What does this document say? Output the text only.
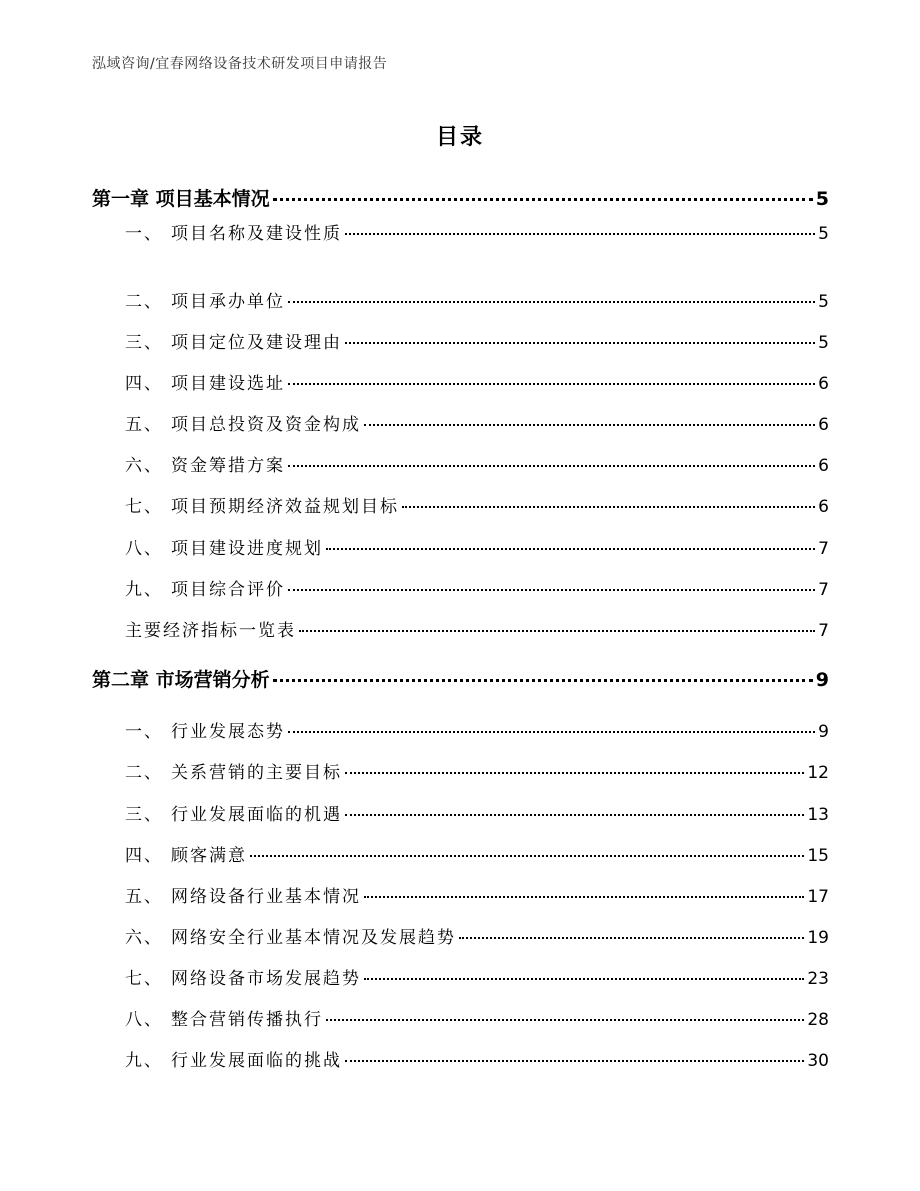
泓域咨询/宜春网络设备技术研发项目申请报告
目录
第一章 项目基本情况	5
一、 项目名称及建设性质	5
二、 项目承办单位	5
三、 项目定位及建设理由	5
四、 项目建设选址	6
五、 项目总投资及资金构成	6
六、 资金筹措方案	6
七、 项目预期经济效益规划目标	6
八、 项目建设进度规划	7
九、 项目综合评价	7
主要经济指标一览表	7
第二章 市场营销分析	9
一、 行业发展态势	9
二、 关系营销的主要目标	12
三、 行业发展面临的机遇	13
四、 顾客满意	15
五、 网络设备行业基本情况	17
六、 网络安全行业基本情况及发展趋势	19
七、 网络设备市场发展趋势	23
八、 整合营销传播执行	28
九、 行业发展面临的挑战	30
